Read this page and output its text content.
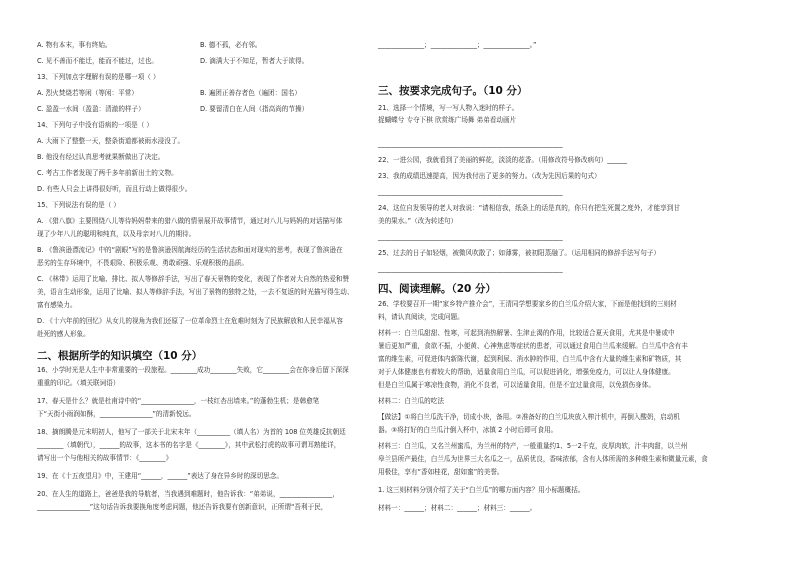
A. 物有本末，事有终始。	B. 德不孤，必有邻。
C. 见不善而不能迁，能而不能过，过也。	D. 滴满大于不知足，暂者大于欲得。
13、下列加点字理解有误的是哪一项（ ）
A. 烈火焚烧若等闲（等闲：平常）	B. 遍团正善存者色（遍团：国名）
C. 盈盈一水间（盈盈：清澈的样子）	D. 要留清白在人间（指高尚的节操）
14、下列句子中没有语病的一项是（ ）
A. 大雨下了整整一天，整条街道都被雨水浸没了。
B. 他没有经过认真思考就果断做出了决定。
C. 考古工作者发现了两千多年前新出土的文物。
D. 有些人只会上讲得很好听，而且行动上做得很少。
15、下列说法有误的是（ ）
A. 《猎八旗》主要围绕八儿等待妈妈带来的猎八做的情景展开故事情节，通过对八儿与妈妈的对话描写体
现了少年八儿的聪明和纯真，以及母亲对八儿的期待。
B. 《鲁滨逊漂流记》中的“剧眼”写的是鲁滨逊因航海经历的生活状态和面对现实的思考，表现了鲁滨逊在
恶劣的生存环境中，不畏艰险、积极乐观、勇敢顽强、乐观积极的品质。
C. 《林带》运用了比喻、排比、拟人等修辞手法，写出了春天景物的变化，表现了作者对大自然的热爱和赞
美，语言生动形象，运用了比喻、拟人等修辞手法，写出了景物的独特之处，一去不复返的时光描写得生动、
富有感染力。
D. 《十六年前的回忆》从女儿的视角为我们还原了一位革命烈士在危难时刻为了民族解放和人民幸福从容
赴死的感人形象。
16、小学时光是人生中非常重要的一段旅程。________成功________失败，它________会在你身后留下深深
重重的印记。（填关联词语）
17、春天是什么？就是杜甫诗中的“________________，一枝红杏出墙来。”的蓬勃生机；是韩愈笔
下“天街小雨润如酥，________________”的清新悦远。
18、摘朗腾是元末明初人，他写了一部关于北宋末年（__________（填人名）为首的 108 位英雄反抗朝廷
________（填朝代），______的故事，这本书的名字是《________》，其中武松打虎的故事可谓耳熟能详，
请写出一个与他相关的故事情节：《________》
19、在《十五夜望月》中，王建用“______，______”表达了身在异乡时的深切思念。
20、在人生的道路上，爸爸是我的导航者，当我遇到难题时，他告诉我：“弟弟说，________________，
________________”这句话告诉我要换角度考虑问题，他还告诉我要有创新意识，正所谓“吾利于民，
______________；______________；______________。”
21、选择一个情境，写一写人物入迷时的样子。
捉蝴蝶兮 专夺下棋 欣赏练广场舞 弟弟看动画片
________________________________________________________
22、一进公园，我就看到了美丽的鲜花，淡淡的花香。（用修改符号修改病句）______
23、我的成绩迅速提高，因为我付出了更多的努力。（改为先因后果的句式）
________________________________________________________
24、这位自发领导的老人对我说：“请相信我，纸条上的话是真的，你只有把生死置之度外，才能享到甘
美的果水。”（改为转述句）
________________________________________________________
25、过去的日子如轻烟，被微风吹散了；如薄雾，被初阳蒸融了。（运用相同的修辞手法写句子）
________________________________________________________
26、学校要召开一期“家乡特产推介会”，王清同学想要家乡的白兰瓜介绍大家，下面是他找到的三则材
料，请认真阅读，完成问题。
材料一：白兰瓜甜甜、性寒，可起到消热解暑、生津止渴的作用，比较适合夏天食用，尤其是中暑或中
暑后更加严重，食欲不振，小便黄、心神焦虑等症状的患者，可以通过食用白兰瓜来缓解。白兰瓜中含有丰
富的维生素，可促进体内新陈代谢，起到利尿、消水肿的作用，白兰瓜中含有大量的维生素和矿物质，其
对于人体健康也有着较大的帮助，适量食用白兰瓜，可以促进消化，增强免疫力，可以让人身体健康。
但是白兰瓜属于寒凉性食物，消化不良者，可以适量食用，但是不宜过量食用，以免损伤身体。
材料二：白兰瓜的吃法
【做法】①将白兰瓜洗干净，切成小块，备用。②准备好的白兰瓜块放入榨汁机中，再倒入酸奶，启动机
器。③将打好的白兰瓜汁倒入杯中，冰镇 2 小时后即可食用。
材料三：白兰瓜，又名兰州蜜瓜，为兰州的特产，一般重量约1、5一2千克，皮厚肉软，汁丰肉甜，以兰州
皋兰县所产最佳，白兰瓜为世界三大名瓜之一，品质优良，香味浓郁，含有人体所需的多种维生素和微量元素，食
用极佳，享有“香如桂花，甜如蜜”的美誉。
1. 这三则材料分别介绍了关于“白兰瓜”的哪方面内容？用小标题概括。
材料一：______；材料二：______；材料三：______。
二、根据所学的知识填空（10 分）
三、按要求完成句子。（10 分）
四、阅读理解。（20 分）
